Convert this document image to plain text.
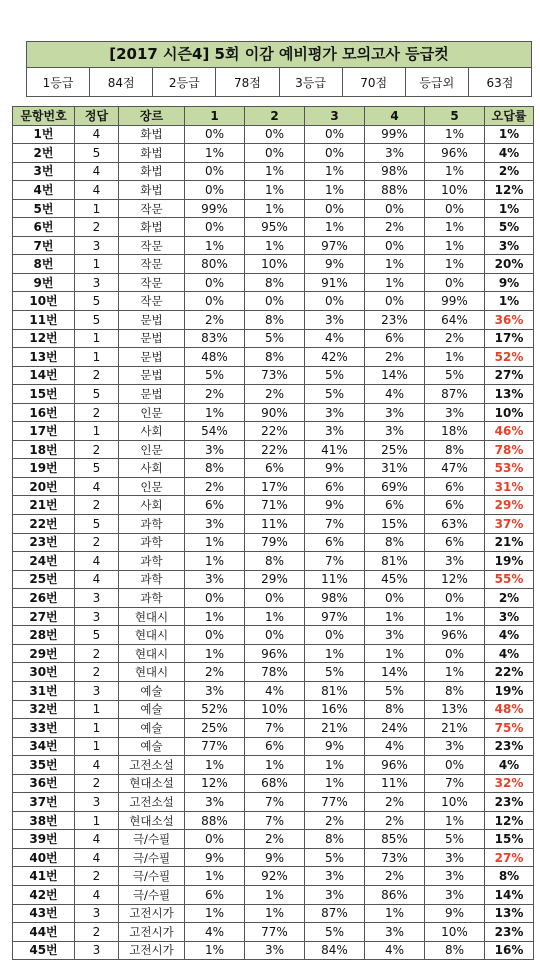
[2017 시즌4] 5회 이감 예비평가 모의고사 등급컷
1등급	84점	2등급	78점	3등급	70점	등급외	63점
문항번호	정답	장르	1	2	3	4	5	오답률
1번	4	화법	0%	0%	0%	99%	1%	1%
2번	5	화법	1%	0%	0%	3%	96%	4%
3번	4	화법	0%	1%	1%	98%	1%	2%
4번	4	화법	0%	1%	1%	88%	10%	12%
5번	1	작문	99%	1%	0%	0%	0%	1%
6번	2	화법	0%	95%	1%	2%	1%	5%
7번	3	작문	1%	1%	97%	0%	1%	3%
8번	1	작문	80%	10%	9%	1%	1%	20%
9번	3	작문	0%	8%	91%	1%	0%	9%
10번	5	작문	0%	0%	0%	0%	99%	1%
11번	5	문법	2%	8%	3%	23%	64%	36%
12번	1	문법	83%	5%	4%	6%	2%	17%
13번	1	문법	48%	8%	42%	2%	1%	52%
14번	2	문법	5%	73%	5%	14%	5%	27%
15번	5	문법	2%	2%	5%	4%	87%	13%
16번	2	인문	1%	90%	3%	3%	3%	10%
17번	1	사회	54%	22%	3%	3%	18%	46%
18번	2	인문	3%	22%	41%	25%	8%	78%
19번	5	사회	8%	6%	9%	31%	47%	53%
20번	4	인문	2%	17%	6%	69%	6%	31%
21번	2	사회	6%	71%	9%	6%	6%	29%
22번	5	과학	3%	11%	7%	15%	63%	37%
23번	2	과학	1%	79%	6%	8%	6%	21%
24번	4	과학	1%	8%	7%	81%	3%	19%
25번	4	과학	3%	29%	11%	45%	12%	55%
26번	3	과학	0%	0%	98%	0%	0%	2%
27번	3	현대시	1%	1%	97%	1%	1%	3%
28번	5	현대시	0%	0%	0%	3%	96%	4%
29번	2	현대시	1%	96%	1%	1%	0%	4%
30번	2	현대시	2%	78%	5%	14%	1%	22%
31번	3	예술	3%	4%	81%	5%	8%	19%
32번	1	예술	52%	10%	16%	8%	13%	48%
33번	1	예술	25%	7%	21%	24%	21%	75%
34번	1	예술	77%	6%	9%	4%	3%	23%
35번	4	고전소설	1%	1%	1%	96%	0%	4%
36번	2	현대소설	12%	68%	1%	11%	7%	32%
37번	3	고전소설	3%	7%	77%	2%	10%	23%
38번	1	현대소설	88%	7%	2%	2%	1%	12%
39번	4	극/수필	0%	2%	8%	85%	5%	15%
40번	4	극/수필	9%	9%	5%	73%	3%	27%
41번	2	극/수필	1%	92%	3%	2%	3%	8%
42번	4	극/수필	6%	1%	3%	86%	3%	14%
43번	3	고전시가	1%	1%	87%	1%	9%	13%
44번	2	고전시가	4%	77%	5%	3%	10%	23%
45번	3	고전시가	1%	3%	84%	4%	8%	16%
